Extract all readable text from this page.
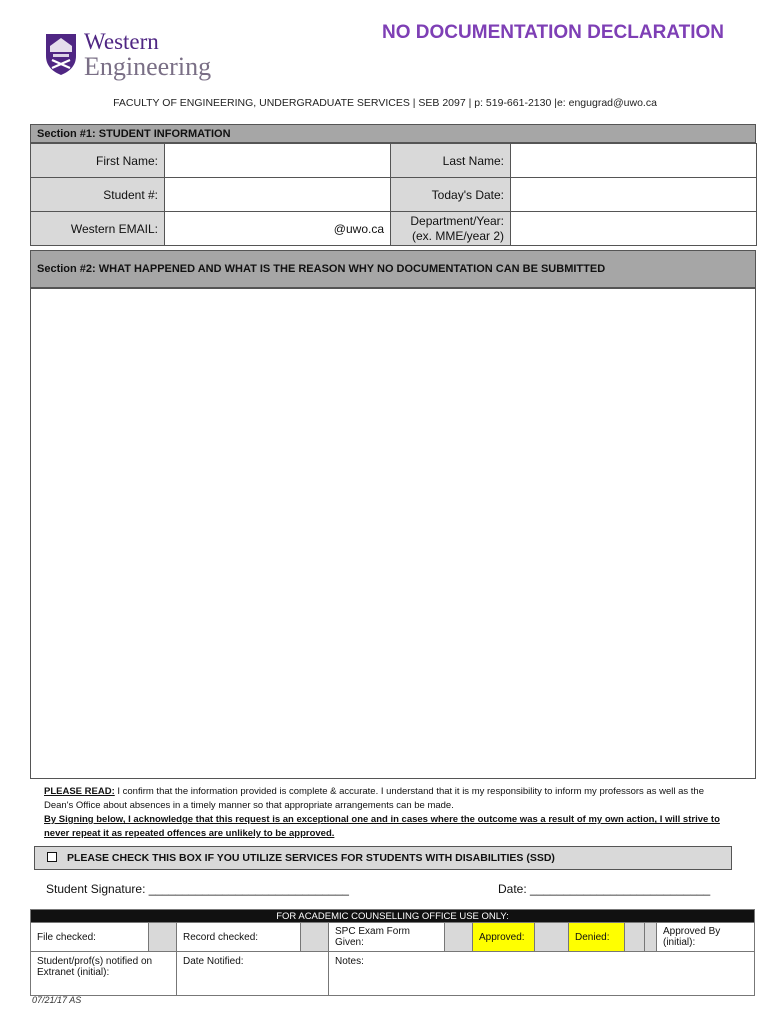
Western
Engineering
NO DOCUMENTATION DECLARATION
FACULTY OF ENGINEERING, UNDERGRADUATE SERVICES | SEB 2097 | p: 519-661-2130 |e: engugrad@uwo.ca
Section #1: STUDENT INFORMATION
First Name:		Last Name:	
Student #:		Today's Date:	
Western EMAIL:	@uwo.ca	Department/Year:
(ex. MME/year 2)	
Section #2: WHAT HAPPENED AND WHAT IS THE REASON WHY NO DOCUMENTATION CAN BE SUBMITTED
PLEASE READ: I confirm that the information provided is complete & accurate. I understand that it is my responsibility to inform my professors as well as the Dean's Office about absences in a timely manner so that appropriate arrangements can be made.
By Signing below, I acknowledge that this request is an exceptional one and in cases where the outcome was a result of my own action, I will strive to never repeat it as repeated offences are unlikely to be approved.
PLEASE CHECK THIS BOX IF YOU UTILIZE SERVICES FOR STUDENTS WITH DISABILITIES (SSD)
Student Signature: ______________________________	Date: ___________________________
FOR ACADEMIC COUNSELLING OFFICE USE ONLY:											
File checked:		Record checked:		SPC Exam Form Given:		Approved:		Denied:			Approved By (initial):
Student/prof(s) notified on Extranet (initial):		Date Notified:		Notes:							
07/21/17 AS
